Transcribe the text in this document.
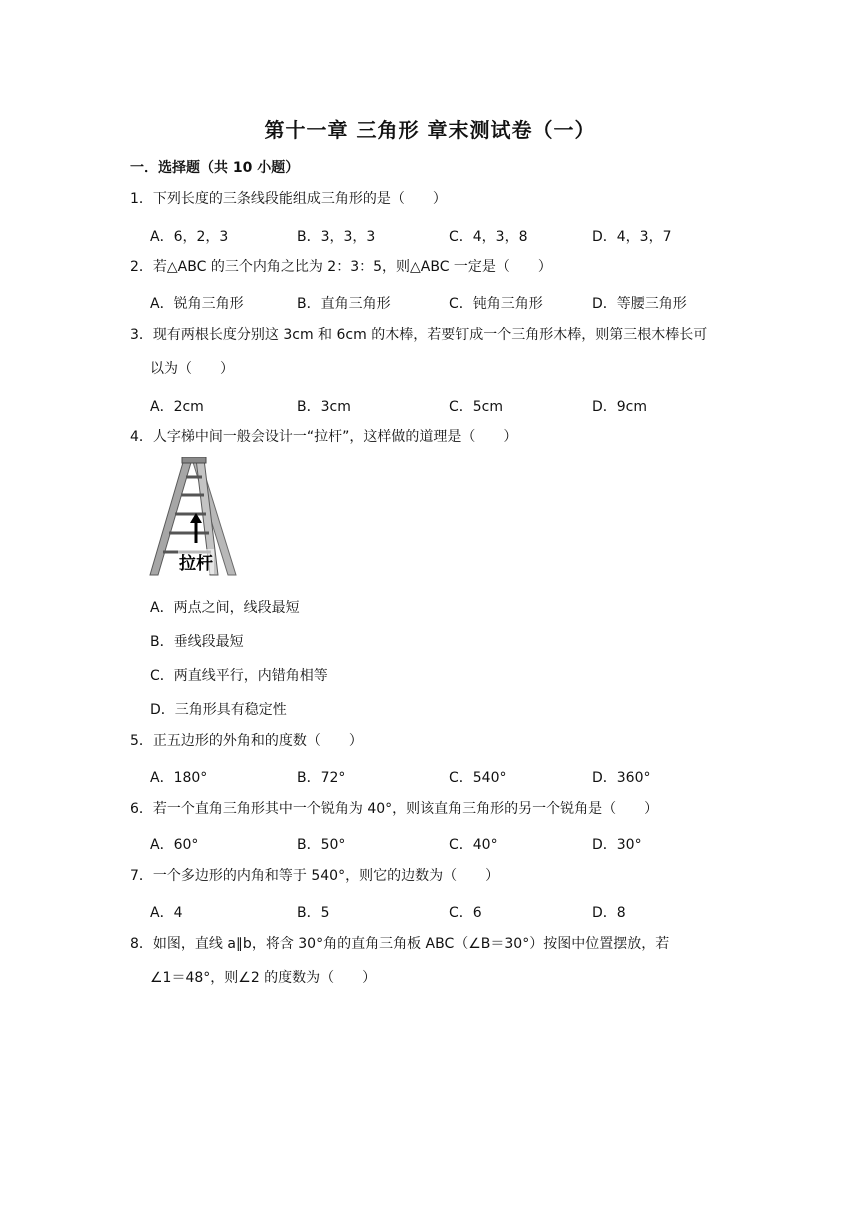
第十一章 三角形 章末测试卷（一）
一．选择题（共 10 小题）
1．下列长度的三条线段能组成三角形的是（　　）
A．6，2，3	B．3，3，3	C．4，3，8	D．4，3，7
2．若△ABC 的三个内角之比为 2：3：5，则△ABC 一定是（　　）
A．锐角三角形	B．直角三角形	C．钝角三角形	D．等腰三角形
3．现有两根长度分别这 3cm 和 6cm 的木棒，若要钉成一个三角形木棒，则第三根木棒长可
以为（　　）
A．2cm	B．3cm	C．5cm	D．9cm
4．人字梯中间一般会设计一“拉杆”，这样做的道理是（　　）
拉杆
A．两点之间，线段最短
B．垂线段最短
C．两直线平行，内错角相等
D．三角形具有稳定性
5．正五边形的外角和的度数（　　）
A．180°	B．72°	C．540°	D．360°
6．若一个直角三角形其中一个锐角为 40°，则该直角三角形的另一个锐角是（　　）
A．60°	B．50°	C．40°	D．30°
7．一个多边形的内角和等于 540°，则它的边数为（　　）
A．4	B．5	C．6	D．8
8．如图，直线 a∥b，将含 30°角的直角三角板 ABC（∠B＝30°）按图中位置摆放，若
∠1＝48°，则∠2 的度数为（　　）
